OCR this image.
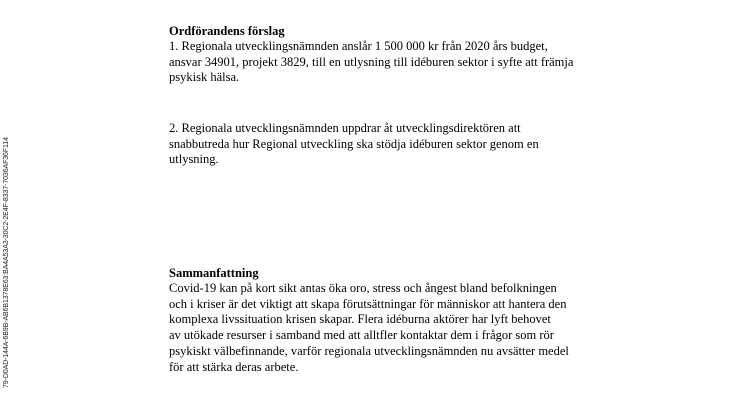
79-D0AD-144A-6B9B-AB6B1378E63:BA4A53A3-30C2-2E4F-8337-7036AF36F114
Ordförandens förslag

1. Regionala utvecklingsnämnden anslår 1 500 000 kr från 2020 års budget,
ansvar 34901, projekt 3829, till en utlysning till idéburen sektor i syfte att främja
psykisk hälsa.

2. Regionala utvecklingsnämnden uppdrar åt utvecklingsdirektören att
snabbutreda hur Regional utveckling ska stödja idéburen sektor genom en
utlysning.

Sammanfattning

Covid-19 kan på kort sikt antas öka oro, stress och ångest bland befolkningen
och i kriser är det viktigt att skapa förutsättningar för människor att hantera den
komplexa livssituation krisen skapar. Flera idéburna aktörer har lyft behovet
av utökade resurser i samband med att alltfler kontaktar dem i frågor som rör
psykiskt välbefinnande, varför regionala utvecklingsnämnden nu avsätter medel
för att stärka deras arbete.
